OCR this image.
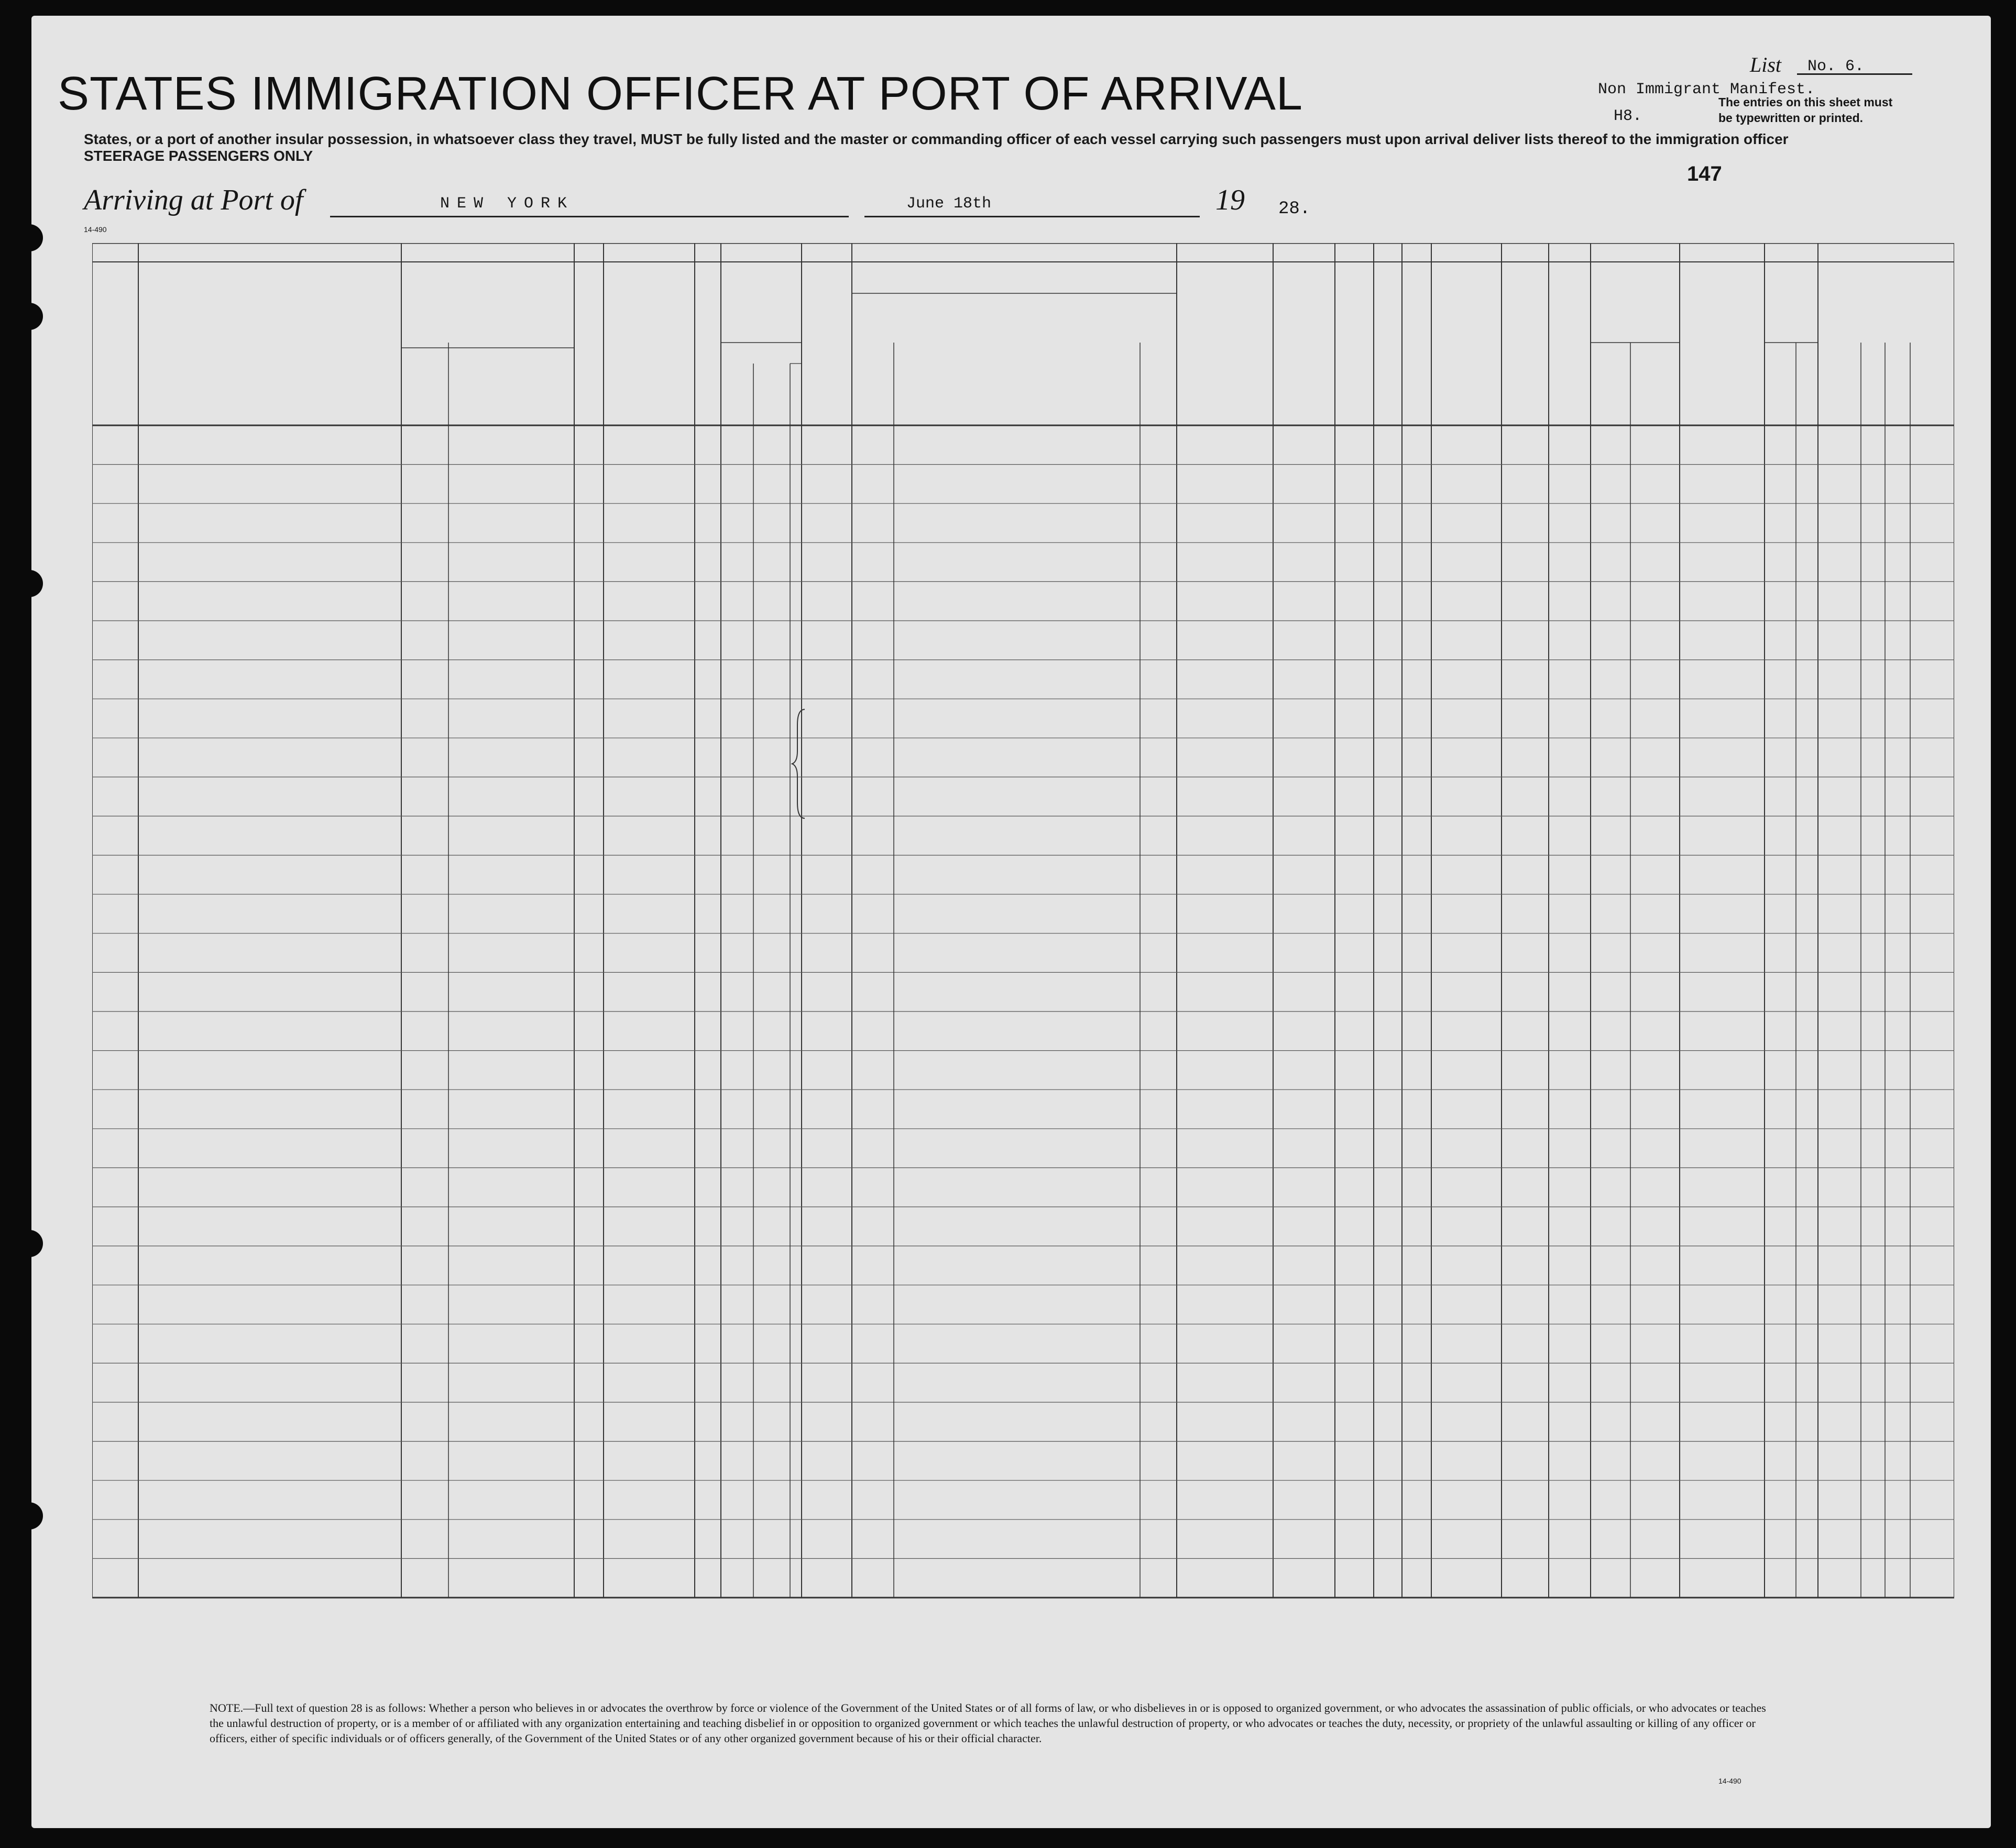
STATES IMMIGRATION OFFICER AT PORT OF ARRIVAL
States, or a port of another insular possession, in whatsoever class they travel, MUST be fully listed and the master or commanding officer of each vessel carrying such passengers must upon arrival deliver lists thereof to the immigration officer
STEERAGE PASSENGERS ONLY
Arriving at Port of	NEW YORK	June 18th	19 28.
List No. 6.
Non Immigrant Manifest.
H8.
The entries on this sheet must be typewritten or printed.
147
14-490
NOTE.—Full text of question 28 is as follows: Whether a person who believes in or advocates the overthrow by force or violence of the Government of the United States or of all forms of law, or who disbelieves in or is opposed to organized government, or who advocates the assassination of public officials, or who advocates or teaches the unlawful destruction of property, or is a member of or affiliated with any organization entertaining and teaching disbelief in or opposition to organized government or which teaches the unlawful destruction of property, or who advocates or teaches the duty, necessity, or propriety of the unlawful assaulting or killing of any officer or officers, either of specific individuals or of officers generally, of the Government of the United States or of any other organized government because of his or their official character.
14-490
